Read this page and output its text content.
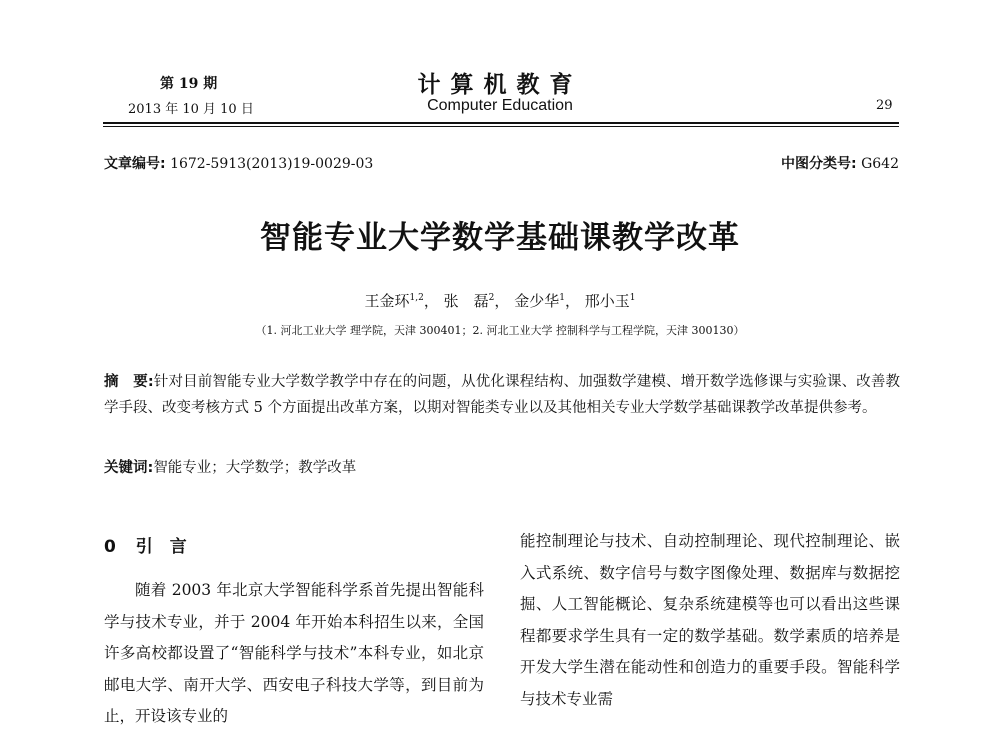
第 19 期
2013 年 10 月 10 日
计算机教育
Computer Education	29
文章编号: 1672-5913(2013)19-0029-03	中图分类号: G642
智能专业大学数学基础课教学改革
王金环$^{1,2}$， 张　磊$^2$， 金少华$^1$， 邢小玉$^1$
（1. 河北工业大学 理学院，天津 300401；2. 河北工业大学 控制科学与工程学院，天津 300130）
摘　要:针对目前智能专业大学数学教学中存在的问题，从优化课程结构、加强数学建模、增开数学选修课与实验课、改善教学手段、改变考核方式 5 个方面提出改革方案，以期对智能类专业以及其他相关专业大学数学基础课教学改革提供参考。
关键词:智能专业；大学数学；教学改革
0 引　言
随着 2003 年北京大学智能科学系首先提出智能科学与技术专业，并于 2004 年开始本科招生以来，全国许多高校都设置了“智能科学与技术”本科专业，如北京邮电大学、南开大学、西安电子科技大学等，到目前为止，开设该专业的
能控制理论与技术、自动控制理论、现代控制理论、嵌入式系统、数字信号与数字图像处理、数据库与数据挖掘、人工智能概论、复杂系统建模等也可以看出这些课程都要求学生具有一定的数学基础。数学素质的培养是开发大学生潜在能动性和创造力的重要手段。智能科学与技术专业需
